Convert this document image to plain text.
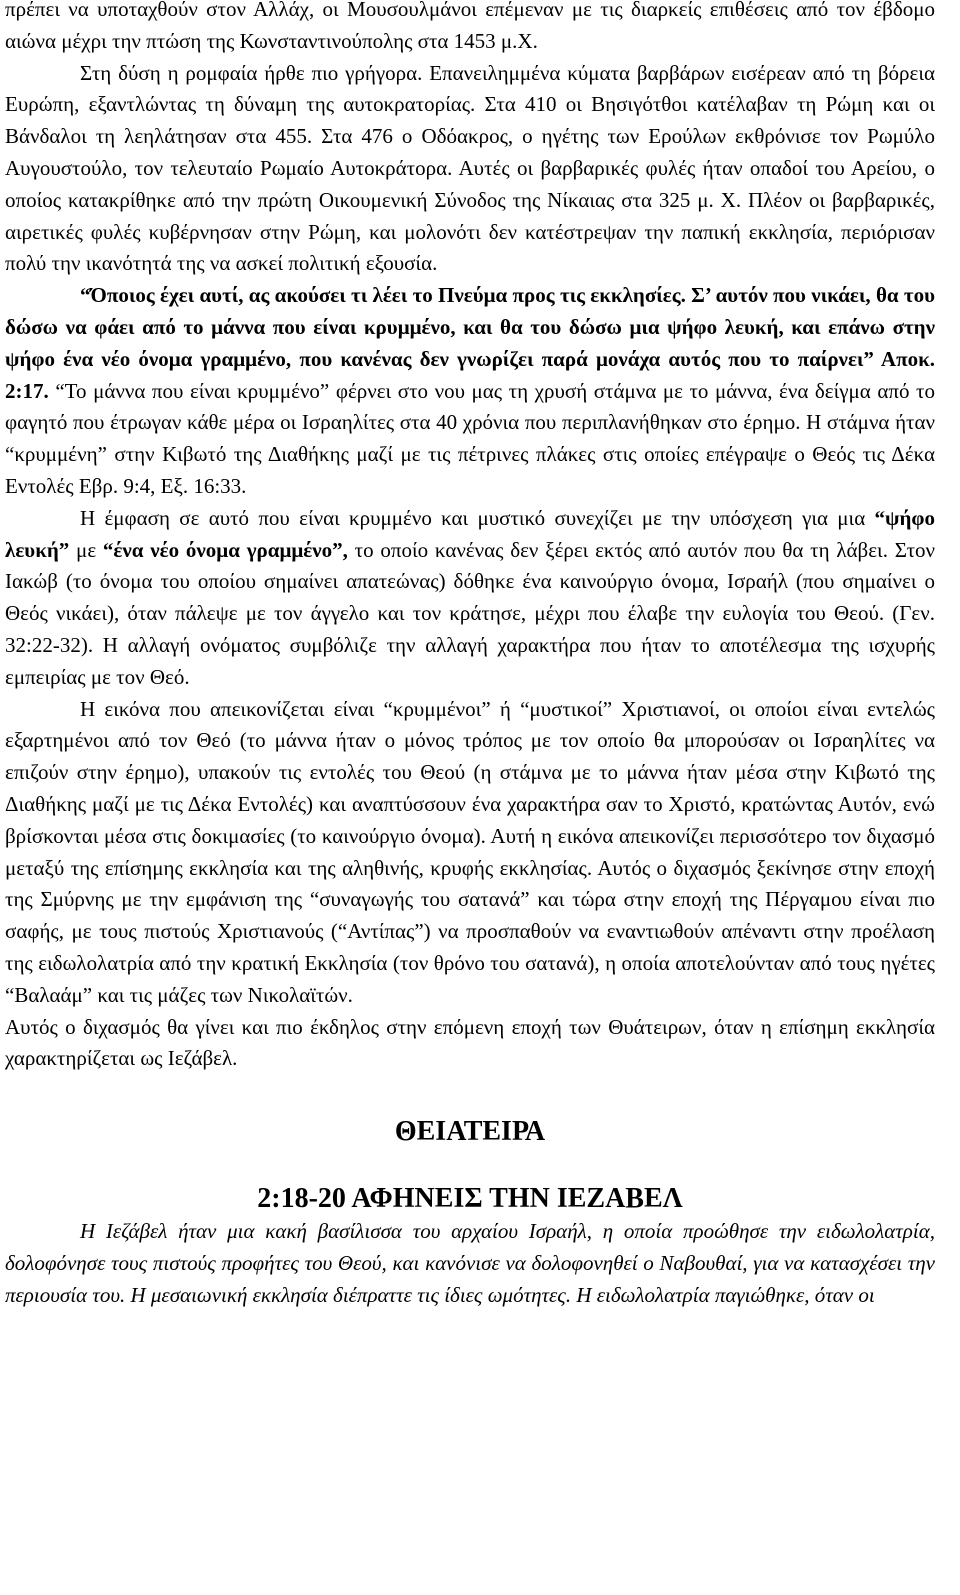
πρέπει να υποταχθούν στον Αλλάχ, οι Μουσουλμάνοι επέμεναν με τις διαρκείς επιθέσεις από τον έβδομο αιώνα μέχρι την πτώση της Κωνσταντινούπολης στα 1453 μ.Χ.

Στη δύση η ρομφαία ήρθε πιο γρήγορα. Επανειλημμένα κύματα βαρβάρων εισέρεαν από τη βόρεια Ευρώπη, εξαντλώντας τη δύναμη της αυτοκρατορίας. Στα 410 οι Βησιγότθοι κατέλαβαν τη Ρώμη και οι Βάνδαλοι τη λεηλάτησαν στα 455. Στα 476 ο Οδόακρος, ο ηγέτης των Ερούλων εκθρόνισε τον Ρωμύλο Αυγουστούλο, τον τελευταίο Ρωμαίο Αυτοκράτορα. Αυτές οι βαρβαρικές φυλές ήταν οπαδοί του Αρείου, ο οποίος κατακρίθηκε από την πρώτη Οικουμενική Σύνοδος της Νίκαιας στα 325 μ. Χ. Πλέον οι βαρβαρικές, αιρετικές φυλές κυβέρνησαν στην Ρώμη, και μολονότι δεν κατέστρεψαν την παπική εκκλησία, περιόρισαν πολύ την ικανότητά της να ασκεί πολιτική εξουσία.

“Όποιος έχει αυτί, ας ακούσει τι λέει το Πνεύμα προς τις εκκλησίες. Σ’ αυτόν που νικάει, θα του δώσω να φάει από το μάννα που είναι κρυμμένο, και θα του δώσω μια ψήφο λευκή, και επάνω στην ψήφο ένα νέο όνομα γραμμένο, που κανένας δεν γνωρίζει παρά μονάχα αυτός που το παίρνει” Αποκ. 2:17. “Το μάννα που είναι κρυμμένο” φέρνει στο νου μας τη χρυσή στάμνα με το μάννα, ένα δείγμα από το φαγητό που έτρωγαν κάθε μέρα οι Ισραηλίτες στα 40 χρόνια που περιπλανήθηκαν στο έρημο. Η στάμνα ήταν “κρυμμένη” στην Κιβωτό της Διαθήκης μαζί με τις πέτρινες πλάκες στις οποίες επέγραψε ο Θεός τις Δέκα Εντολές Εβρ. 9:4, Εξ. 16:33.

Η έμφαση σε αυτό που είναι κρυμμένο και μυστικό συνεχίζει με την υπόσχεση για μια “ψήφο λευκή” με “ένα νέο όνομα γραμμένο”, το οποίο κανένας δεν ξέρει εκτός από αυτόν που θα τη λάβει. Στον Ιακώβ (το όνομα του οποίου σημαίνει απατεώνας) δόθηκε ένα καινούργιο όνομα, Ισραήλ (που σημαίνει ο Θεός νικάει), όταν πάλεψε με τον άγγελο και τον κράτησε, μέχρι που έλαβε την ευλογία του Θεού. (Γεν. 32:22-32). Η αλλαγή ονόματος συμβόλιζε την αλλαγή χαρακτήρα που ήταν το αποτέλεσμα της ισχυρής εμπειρίας με τον Θεό.

Η εικόνα που απεικονίζεται είναι “κρυμμένοι” ή “μυστικοί” Χριστιανοί, οι οποίοι είναι εντελώς εξαρτημένοι από τον Θεό (το μάννα ήταν ο μόνος τρόπος με τον οποίο θα μπορούσαν οι Ισραηλίτες να επιζούν στην έρημο), υπακούν τις εντολές του Θεού (η στάμνα με το μάννα ήταν μέσα στην Κιβωτό της Διαθήκης μαζί με τις Δέκα Εντολές) και αναπτύσσουν ένα χαρακτήρα σαν το Χριστό, κρατώντας Αυτόν, ενώ βρίσκονται μέσα στις δοκιμασίες (το καινούργιο όνομα). Αυτή η εικόνα απεικονίζει περισσότερο τον διχασμό μεταξύ της επίσημης εκκλησία και της αληθινής, κρυφής εκκλησίας. Αυτός ο διχασμός ξεκίνησε στην εποχή της Σμύρνης με την εμφάνιση της “συναγωγής του σατανά” και τώρα στην εποχή της Πέργαμου είναι πιο σαφής, με τους πιστούς Χριστιανούς (“Αντίπας”) να προσπαθούν να εναντιωθούν απέναντι στην προέλαση της ειδωλολατρία από την κρατική Εκκλησία (τον θρόνο του σατανά), η οποία αποτελούνταν από τους ηγέτες “Βαλαάμ” και τις μάζες των Νικολαϊτών.

Αυτός ο διχασμός θα γίνει και πιο έκδηλος στην επόμενη εποχή των Θυάτειρων, όταν η επίσημη εκκλησία χαρακτηρίζεται ως Ιεζάβελ.

ΘΕΙΑΤΕΙΡΑ
2:18-20 ΑΦΗΝΕΙΣ ΤΗΝ ΙΕΖΑΒΕΛ

Η Ιεζάβελ ήταν μια κακή βασίλισσα του αρχαίου Ισραήλ, η οποία προώθησε την ειδωλολατρία, δολοφόνησε τους πιστούς προφήτες του Θεού, και κανόνισε να δολοφονηθεί ο Ναβουθαί, για να κατασχέσει την περιουσία του. Η μεσαιωνική εκκλησία διέπραττε τις ίδιες ωμότητες. Η ειδωλολατρία παγιώθηκε, όταν οι
